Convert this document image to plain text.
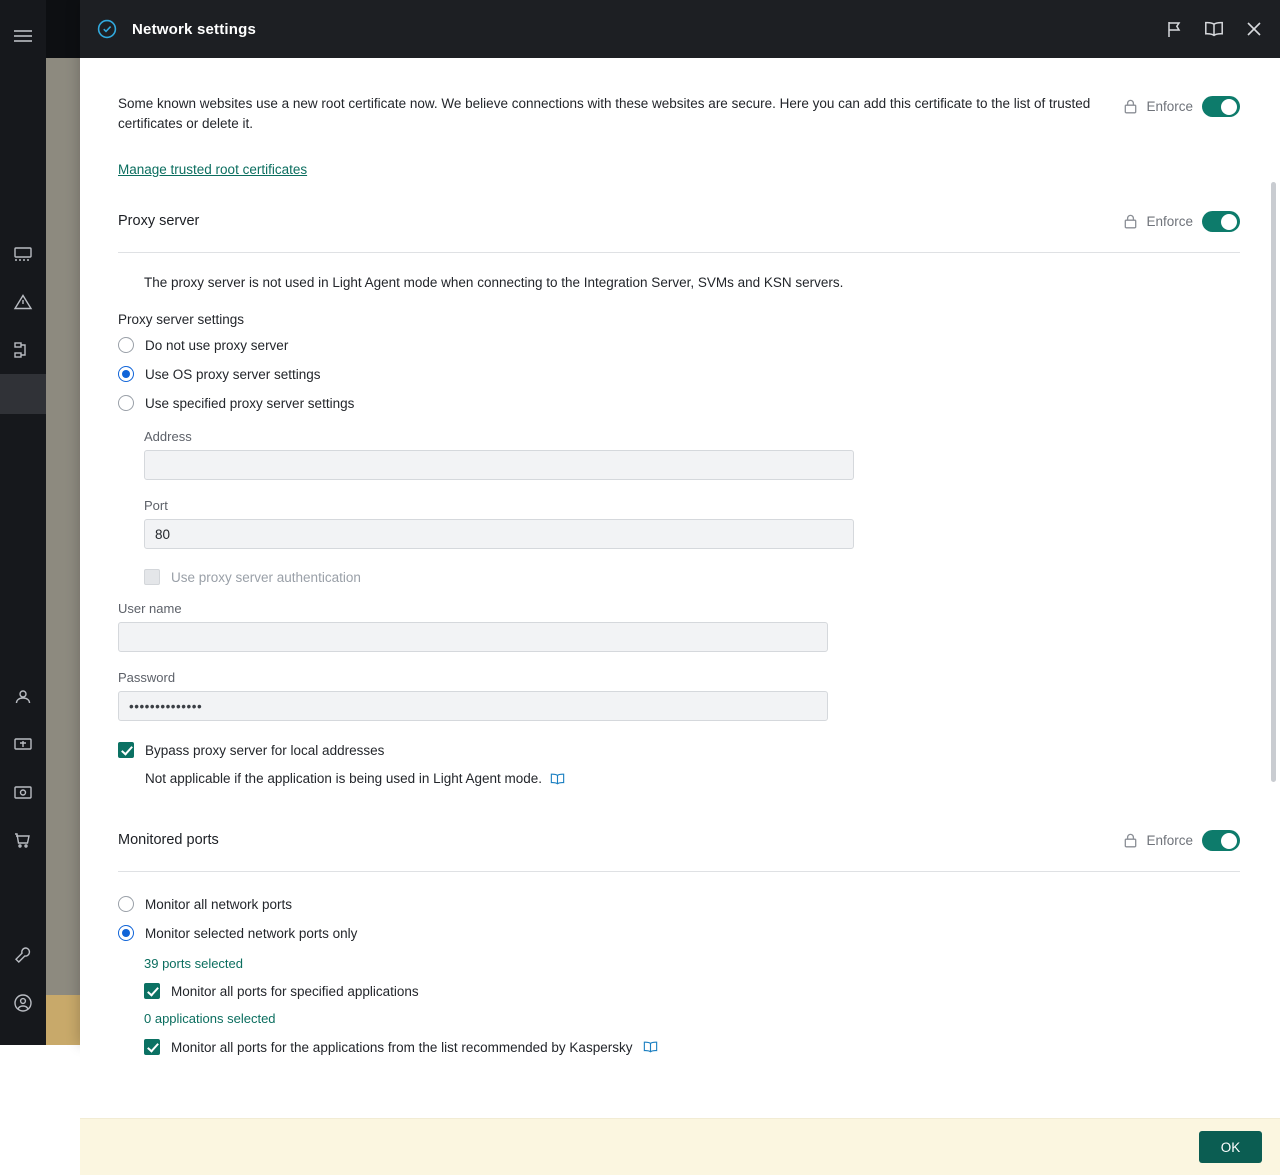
Network settings
Some known websites use a new root certificate now. We believe connections with these websites are secure. Here you can add this certificate to the list of trusted certificates or delete it.
Enforce
Manage trusted root certificates
Proxy server	Enforce
The proxy server is not used in Light Agent mode when connecting to the Integration Server, SVMs and KSN servers.
Proxy server settings
Do not use proxy server
Use OS proxy server settings
Use specified proxy server settings
Address
Port
80
Use proxy server authentication
User name
Password
••••••••••••••
Bypass proxy server for local addresses
Not applicable if the application is being used in Light Agent mode.
Monitored ports	Enforce
Monitor all network ports
Monitor selected network ports only
39 ports selected
Monitor all ports for specified applications
0 applications selected
Monitor all ports for the applications from the list recommended by Kaspersky
OK
